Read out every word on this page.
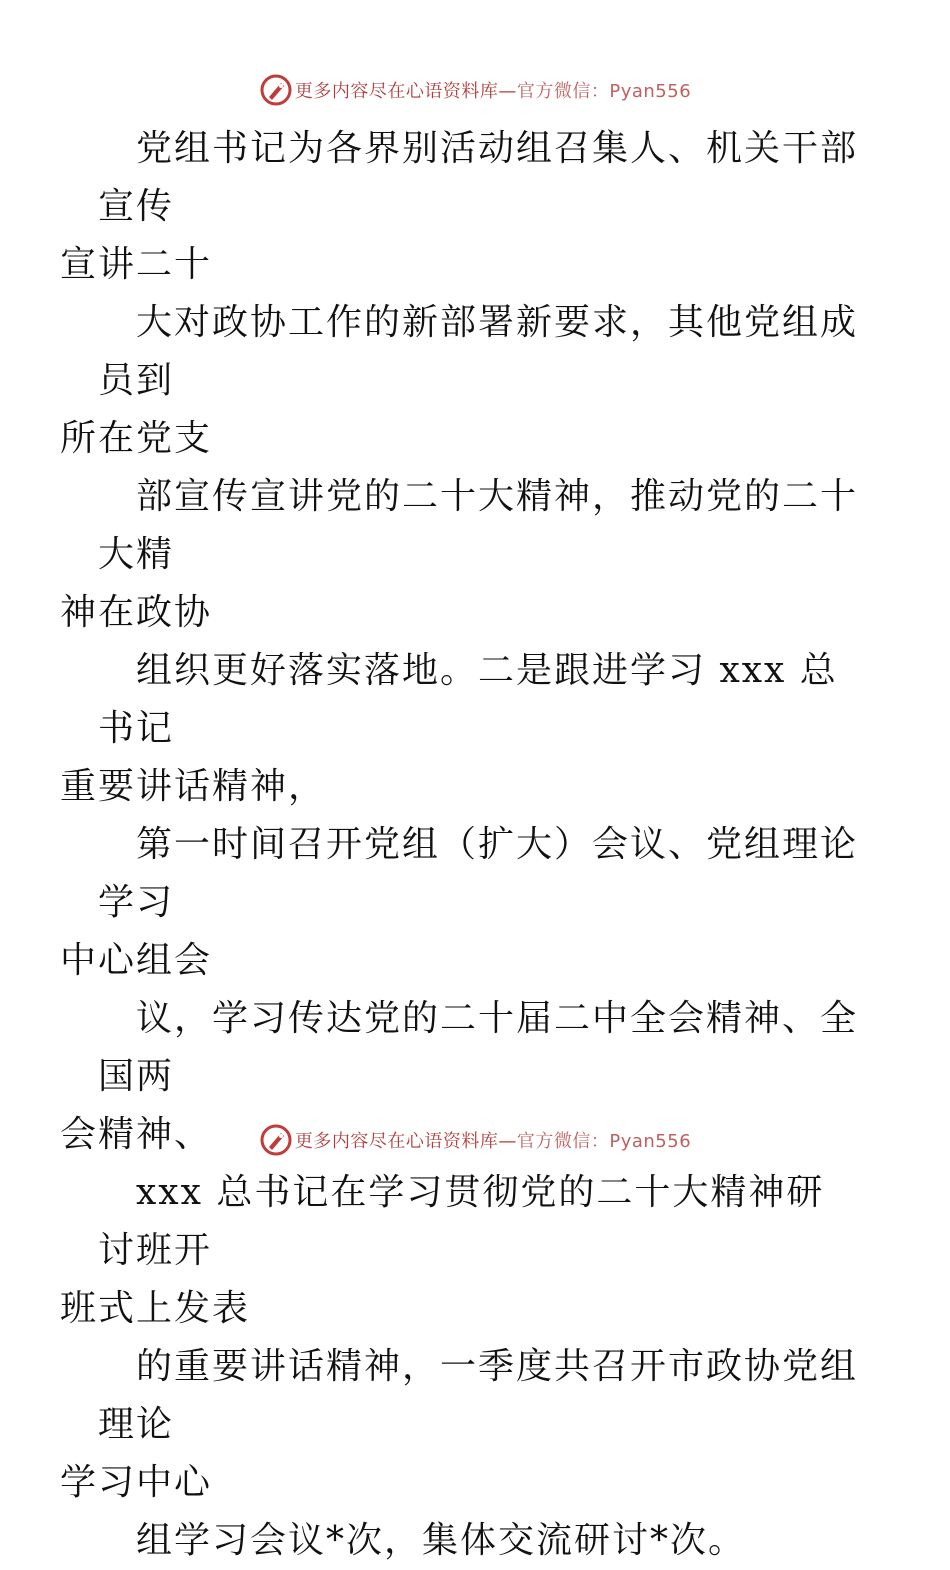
更多内容尽在心语资料库—官方微信：Pyan556

党组书记为各界别活动组召集人、机关干部宣传
宣讲二十

大对政协工作的新部署新要求，其他党组成员到
所在党支

部宣传宣讲党的二十大精神，推动党的二十大精
神在政协

组织更好落实落地。二是跟进学习 xxx 总书记
重要讲话精神，

第一时间召开党组（扩大）会议、党组理论学习
中心组会

议，学习传达党的二十届二中全会精神、全国两
会精神、

xxx 总书记在学习贯彻党的二十大精神研讨班开
班式上发表

的重要讲话精神，一季度共召开市政协党组理论
学习中心

组学习会议*次，集体交流研讨*次。

更多内容尽在心语资料库—官方微信：Pyan556
